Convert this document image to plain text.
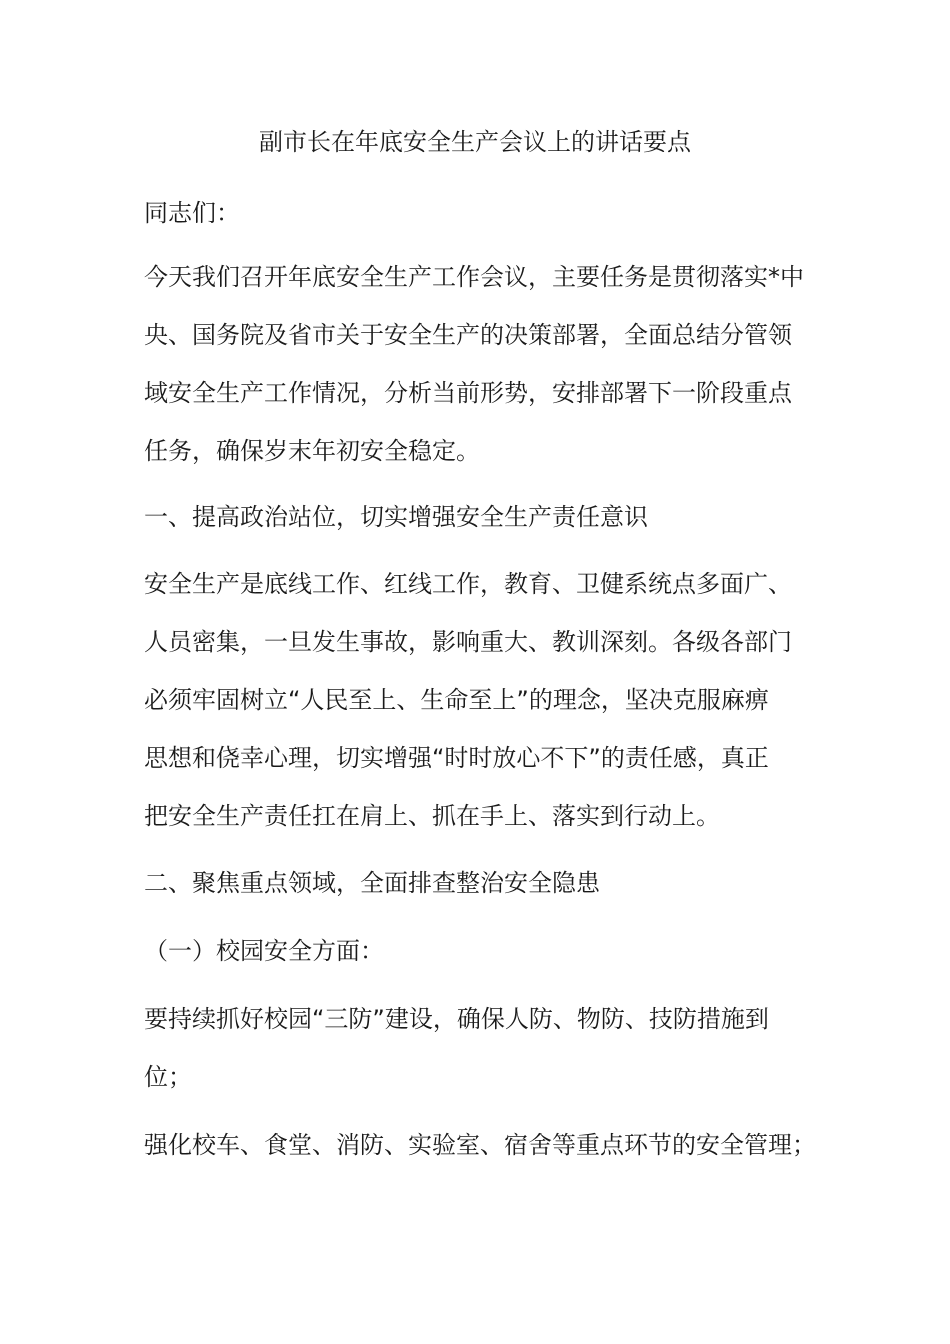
副市长在年底安全生产会议上的讲话要点

同志们：

今天我们召开年底安全生产工作会议，主要任务是贯彻落实*中

央、国务院及省市关于安全生产的决策部署，全面总结分管领

域安全生产工作情况，分析当前形势，安排部署下一阶段重点

任务，确保岁末年初安全稳定。

一、提高政治站位，切实增强安全生产责任意识

安全生产是底线工作、红线工作，教育、卫健系统点多面广、

人员密集，一旦发生事故，影响重大、教训深刻。各级各部门

必须牢固树立“人民至上、生命至上”的理念，坚决克服麻痹

思想和侥幸心理，切实增强“时时放心不下”的责任感，真正

把安全生产责任扛在肩上、抓在手上、落实到行动上。

二、聚焦重点领域，全面排查整治安全隐患

（一）校园安全方面：

要持续抓好校园“三防”建设，确保人防、物防、技防措施到

位；

强化校车、食堂、消防、实验室、宿舍等重点环节的安全管理；
